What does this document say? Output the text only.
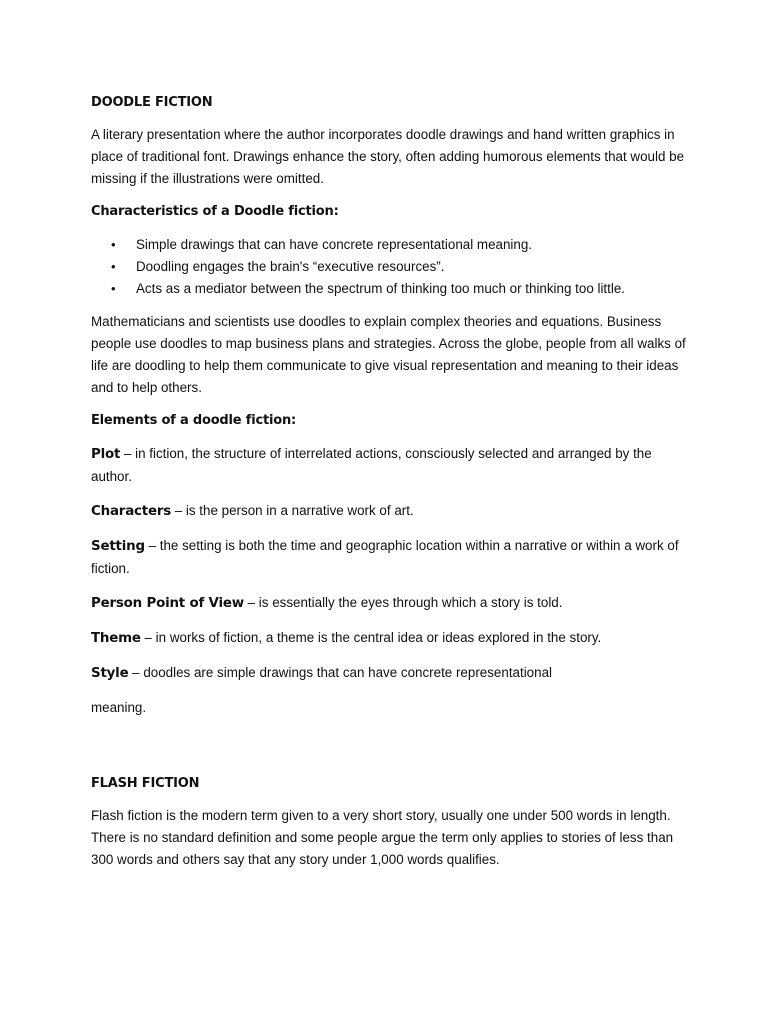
DOODLE FICTION

A literary presentation where the author incorporates doodle drawings and hand written graphics in place of traditional font. Drawings enhance the story, often adding humorous elements that would be missing if the illustrations were omitted.

Characteristics of a Doodle fiction:
• Simple drawings that can have concrete representational meaning.
• Doodling engages the brain's “executive resources”.
• Acts as a mediator between the spectrum of thinking too much or thinking too little.

Mathematicians and scientists use doodles to explain complex theories and equations. Business people use doodles to map business plans and strategies. Across the globe, people from all walks of life are doodling to help them communicate to give visual representation and meaning to their ideas and to help others.

Elements of a doodle fiction:

Plot – in fiction, the structure of interrelated actions, consciously selected and arranged by the author.

Characters – is the person in a narrative work of art.

Setting – the setting is both the time and geographic location within a narrative or within a work of fiction.

Person Point of View – is essentially the eyes through which a story is told.

Theme – in works of fiction, a theme is the central idea or ideas explored in the story.

Style – doodles are simple drawings that can have concrete representational

meaning.

FLASH FICTION

Flash fiction is the modern term given to a very short story, usually one under 500 words in length. There is no standard definition and some people argue the term only applies to stories of less than 300 words and others say that any story under 1,000 words qualifies.
